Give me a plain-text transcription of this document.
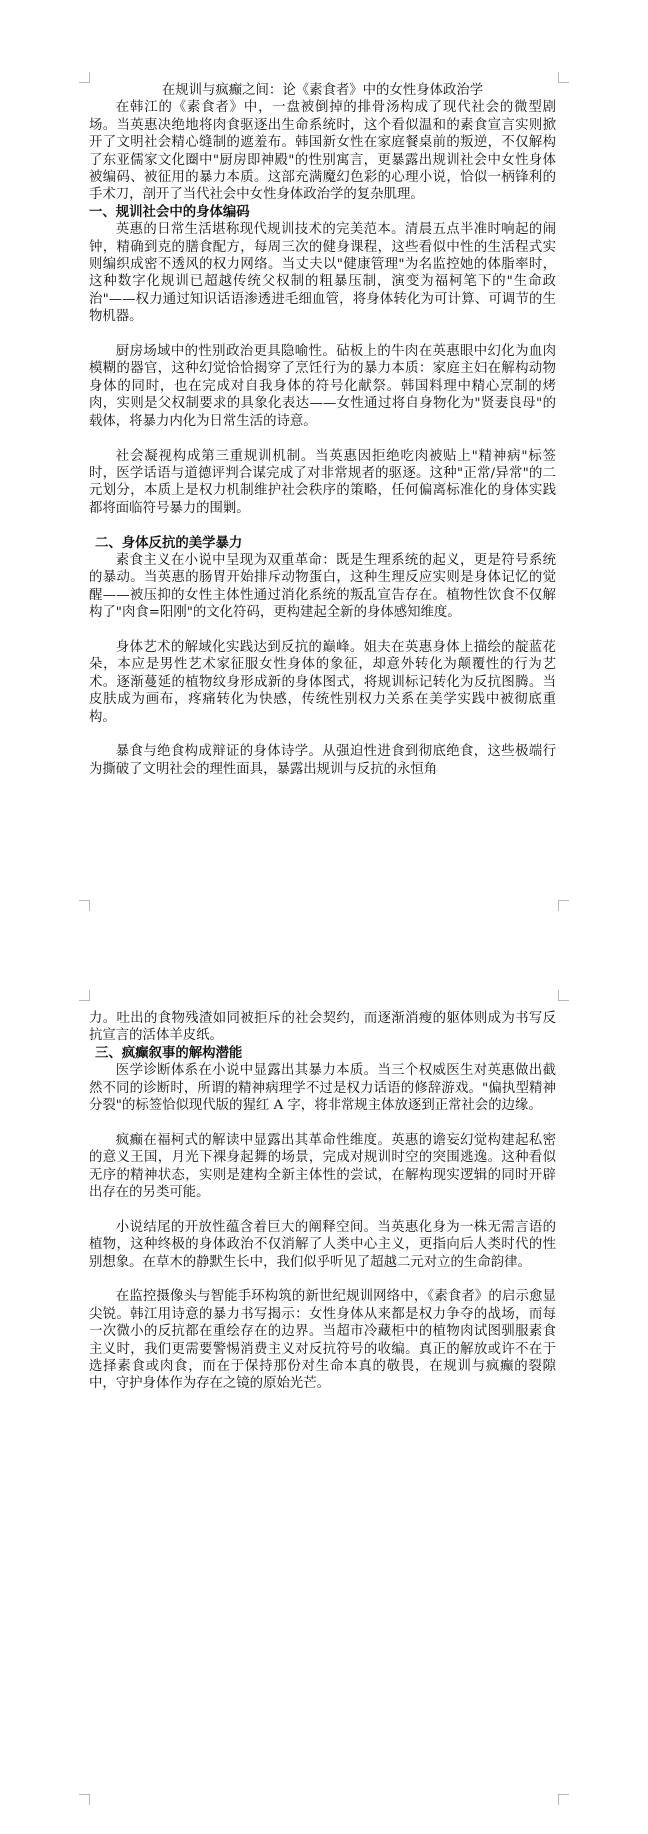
在规训与疯癫之间：论《素食者》中的女性身体政治学

在韩江的《素食者》中，一盘被倒掉的排骨汤构成了现代社会的微型剧场。当英惠决绝地将肉食驱逐出生命系统时，这个看似温和的素食宣言实则掀开了文明社会精心缝制的遮羞布。韩国新女性在家庭餐桌前的叛逆，不仅解构了东亚儒家文化圈中"厨房即神殿"的性别寓言，更暴露出规训社会中女性身体被编码、被征用的暴力本质。这部充满魔幻色彩的心理小说，恰似一柄锋利的手术刀，剖开了当代社会中女性身体政治学的复杂肌理。

一、规训社会中的身体编码

英惠的日常生活堪称现代规训技术的完美范本。清晨五点半准时响起的闹钟，精确到克的膳食配方，每周三次的健身课程，这些看似中性的生活程式实则编织成密不透风的权力网络。当丈夫以"健康管理"为名监控她的体脂率时，这种数字化规训已超越传统父权制的粗暴压制，演变为福柯笔下的"生命政治"——权力通过知识话语渗透进毛细血管，将身体转化为可计算、可调节的生物机器。

厨房场域中的性别政治更具隐喻性。砧板上的牛肉在英惠眼中幻化为血肉模糊的器官，这种幻觉恰恰揭穿了烹饪行为的暴力本质：家庭主妇在解构动物身体的同时，也在完成对自我身体的符号化献祭。韩国料理中精心烹制的烤肉，实则是父权制要求的具象化表达——女性通过将自身物化为"贤妻良母"的载体，将暴力内化为日常生活的诗意。

社会凝视构成第三重规训机制。当英惠因拒绝吃肉被贴上"精神病"标签时，医学话语与道德评判合谋完成了对非常规者的驱逐。这种"正常/异常"的二元划分，本质上是权力机制维护社会秩序的策略，任何偏离标准化的身体实践都将面临符号暴力的围剿。

二、身体反抗的美学暴力

素食主义在小说中呈现为双重革命：既是生理系统的起义，更是符号系统的暴动。当英惠的肠胃开始排斥动物蛋白，这种生理反应实则是身体记忆的觉醒——被压抑的女性主体性通过消化系统的叛乱宣告存在。植物性饮食不仅解构了"肉食=阳刚"的文化符码，更构建起全新的身体感知维度。

身体艺术的解域化实践达到反抗的巅峰。姐夫在英惠身体上描绘的靛蓝花朵，本应是男性艺术家征服女性身体的象征，却意外转化为颠覆性的行为艺术。逐渐蔓延的植物纹身形成新的身体图式，将规训标记转化为反抗图腾。当皮肤成为画布，疼痛转化为快感，传统性别权力关系在美学实践中被彻底重构。

暴食与绝食构成辩证的身体诗学。从强迫性进食到彻底绝食，这些极端行为撕破了文明社会的理性面具，暴露出规训与反抗的永恒角

力。吐出的食物残渣如同被拒斥的社会契约，而逐渐消瘦的躯体则成为书写反抗宣言的活体羊皮纸。

三、疯癫叙事的解构潜能

医学诊断体系在小说中显露出其暴力本质。当三个权威医生对英惠做出截然不同的诊断时，所谓的精神病理学不过是权力话语的修辞游戏。"偏执型精神分裂"的标签恰似现代版的猩红 A 字，将非常规主体放逐到正常社会的边缘。

疯癫在福柯式的解读中显露出其革命性维度。英惠的谵妄幻觉构建起私密的意义王国，月光下裸身起舞的场景，完成对规训时空的突围逃逸。这种看似无序的精神状态，实则是建构全新主体性的尝试，在解构现实逻辑的同时开辟出存在的另类可能。

小说结尾的开放性蕴含着巨大的阐释空间。当英惠化身为一株无需言语的植物，这种终极的身体政治不仅消解了人类中心主义，更指向后人类时代的性别想象。在草木的静默生长中，我们似乎听见了超越二元对立的生命韵律。

在监控摄像头与智能手环构筑的新世纪规训网络中，《素食者》的启示愈显尖锐。韩江用诗意的暴力书写揭示：女性身体从来都是权力争夺的战场，而每一次微小的反抗都在重绘存在的边界。当超市冷藏柜中的植物肉试图驯服素食主义时，我们更需要警惕消费主义对反抗符号的收编。真正的解放或许不在于选择素食或肉食，而在于保持那份对生命本真的敬畏，在规训与疯癫的裂隙中，守护身体作为存在之镜的原始光芒。
